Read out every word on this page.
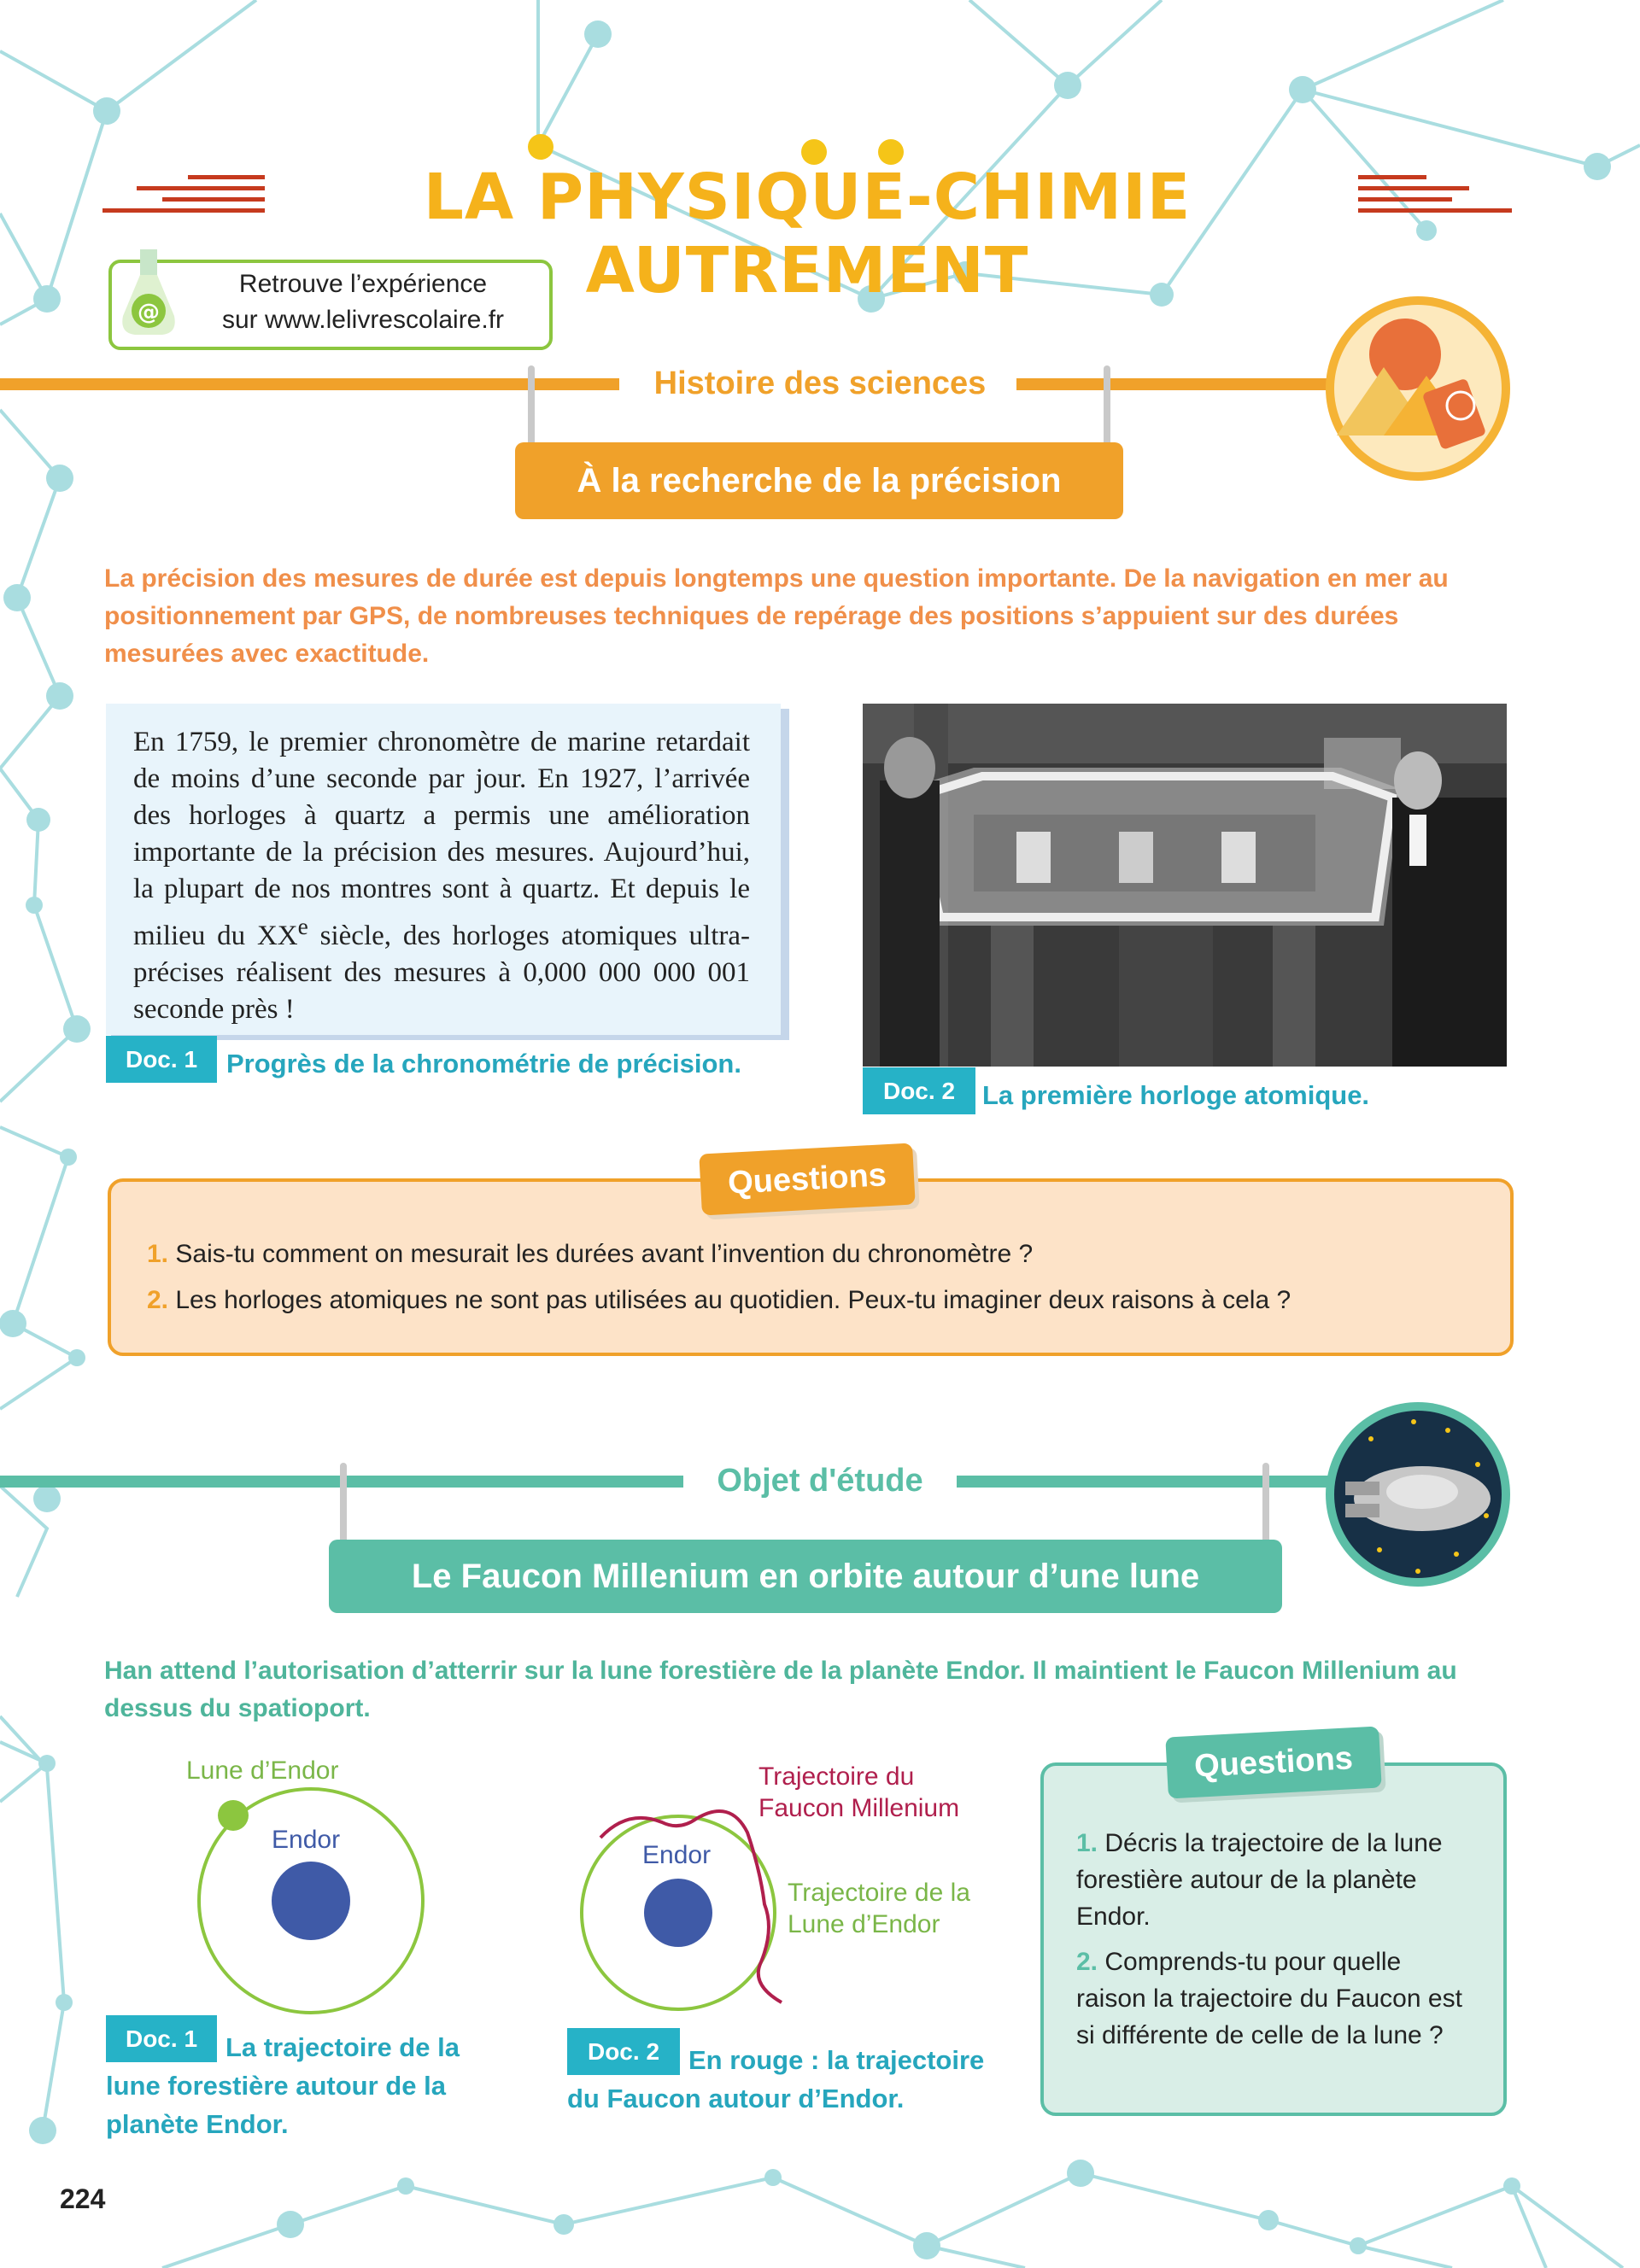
LA PHYSIQUE-CHIMIE AUTREMENT
@
Retrouve l’expérience
sur www.lelivrescolaire.fr
Histoire des sciences
À la recherche de la précision
La précision des mesures de durée est depuis longtemps une question importante. De la navigation en mer au positionnement par GPS, de nombreuses techniques de repérage des positions s’appuient sur des durées mesurées avec exactitude.
En 1759, le premier chronomètre de marine retardait de moins d’une seconde par jour. En 1927, l’arrivée des horloges à quartz a permis une amélioration importante de la précision des mesures. Aujourd’hui, la plupart de nos montres sont à quartz. Et depuis le milieu du XXe siècle, des horloges atomiques ultra-précises réalisent des mesures à 0,000 000 000 001 seconde près !
Doc. 1	Progrès de la chronométrie de précision.
Doc. 2	La première horloge atomique.
Questions
1. Sais-tu comment on mesurait les durées avant l’invention du chronomètre ?
2. Les horloges atomiques ne sont pas utilisées au quotidien. Peux-tu imaginer deux raisons à cela ?
Objet d'étude
Le Faucon Millenium en orbite autour d’une lune
Han attend l’autorisation d’atterrir sur la lune forestière de la planète Endor. Il maintient le Faucon Millenium au dessus du spatioport.
Lune d’Endor
Endor
Doc. 1	La trajectoire de la lune forestière autour de la planète Endor.
Endor
Trajectoire du
Faucon Millenium
Trajectoire de la
Lune d’Endor
Doc. 2	En rouge : la trajectoire du Faucon autour d’Endor.
Questions
1. Décris la trajectoire de la lune forestière autour de la planète Endor.
2. Comprends-tu pour quelle raison la trajectoire du Faucon est si différente de celle de la lune ?
224
